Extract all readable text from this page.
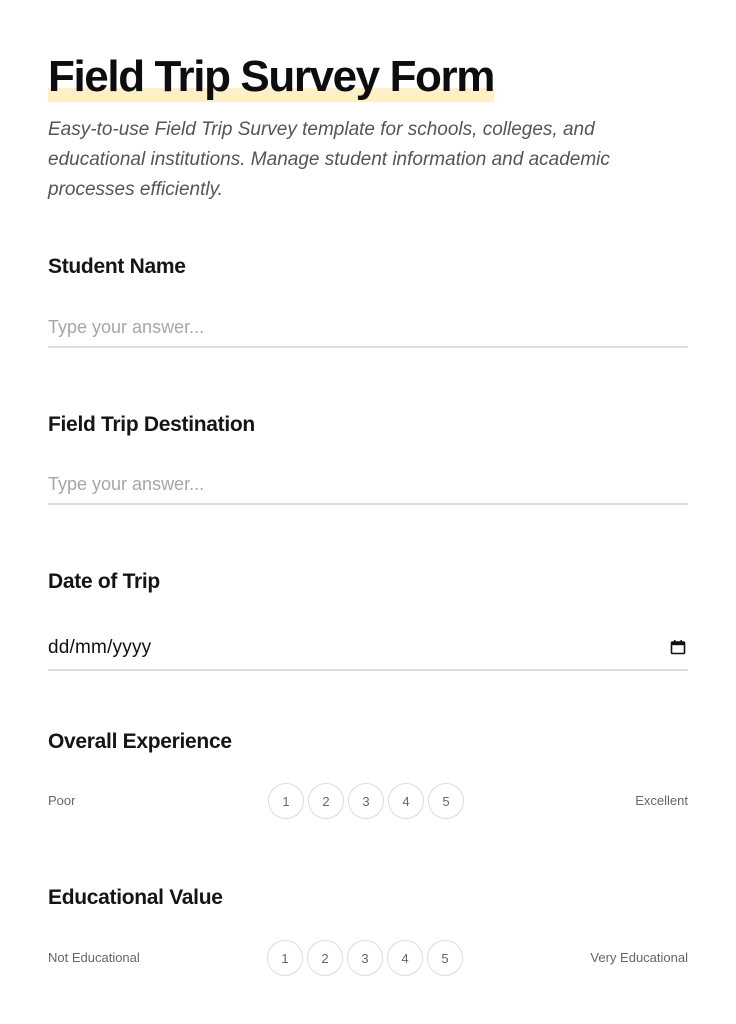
Field Trip Survey Form

Easy-to-use Field Trip Survey template for schools, colleges, and educational institutions. Manage student information and academic processes efficiently.

Student Name
Type your answer...
Field Trip Destination
Type your answer...
Date of Trip
dd/mm/yyyy
Overall Experience
Poor	1	2	3	4	5	Excellent
Educational Value
Not Educational	1	2	3	4	5	Very Educational
